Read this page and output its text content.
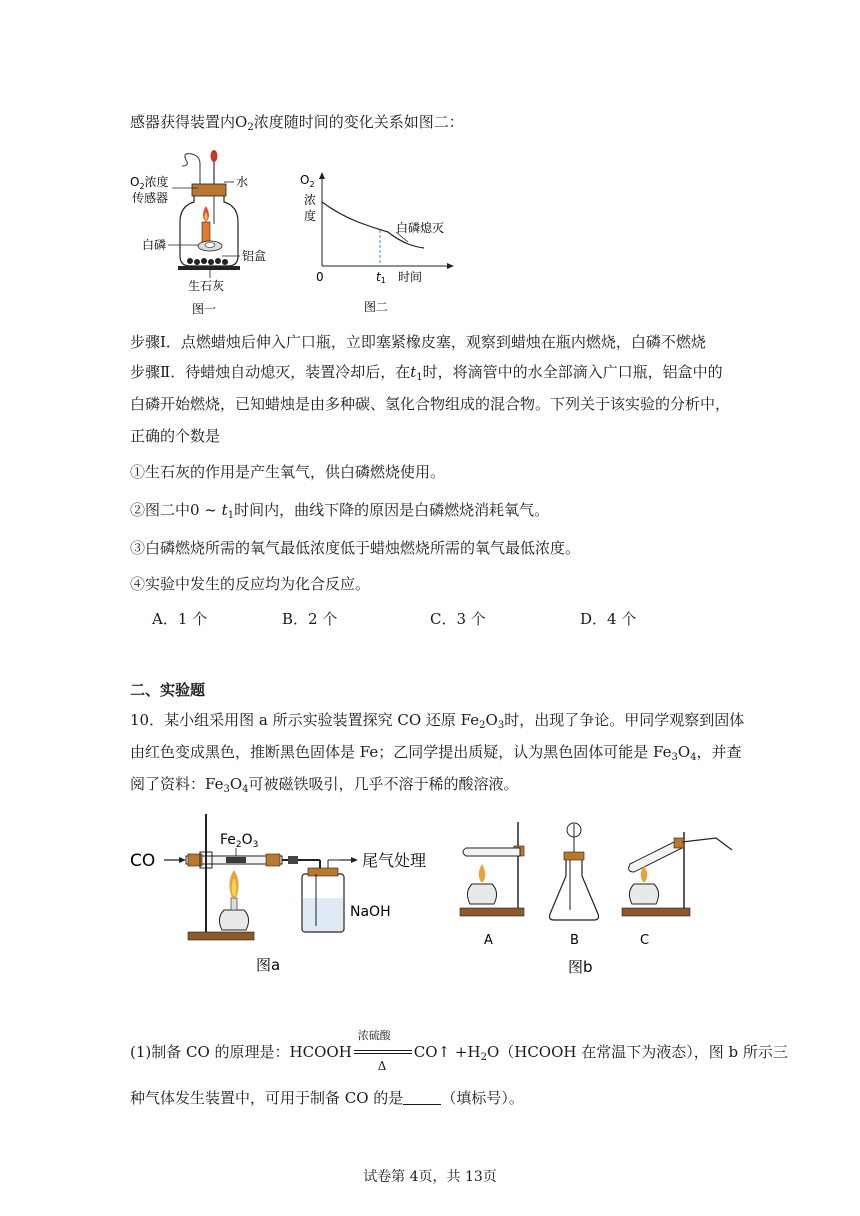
感器获得装置内$O_2$浓度随时间的变化关系如图二：
$O_2$浓度
传感器
水
白磷
铝盒
生石灰
图一
$O_2$
浓
度
0	t1 时间
白磷熄灭
图二
步骤Ⅰ．点燃蜡烛后伸入广口瓶，立即塞紧橡皮塞，观察到蜡烛在瓶内燃烧，白磷不燃烧
步骤Ⅱ．待蜡烛自动熄灭，装置冷却后，在$t_1$时，将滴管中的水全部滴入广口瓶，铝盒中的
白磷开始燃烧，已知蜡烛是由多种碳、氢化合物组成的混合物。下列关于该实验的分析中，
正确的个数是
①生石灰的作用是产生氧气，供白磷燃烧使用。
②图二中0 ~ $t_1$时间内，曲线下降的原因是白磷燃烧消耗氧气。
③白磷燃烧所需的氧气最低浓度低于蜡烛燃烧所需的氧气最低浓度。
④实验中发生的反应均为化合反应。
A．1 个	B．2 个	C．3 个	D．4 个
二、实验题
10．某小组采用图 a 所示实验装置探究 CO 还原 $Fe_2O_3$时，出现了争论。甲同学观察到固体
由红色变成黑色，推断黑色固体是 Fe；乙同学提出质疑，认为黑色固体可能是 $Fe_3O_4$，并查
阅了资料：$Fe_3O_4$可被磁铁吸引，几乎不溶于稀的酸溶液。
CO
$Fe_2O_3$
尾气处理
NaOH
图a
A	B	C
图b
(1)制备 CO 的原理是：HCOOH $\frac{\text{浓硫酸}}{\Delta}$ CO↑ $+H_2O(HCOOH$ 在常温下为液态），图 b 所示三
种气体发生装置中，可用于制备 CO 的是	（填标号）。
试卷第 4页，共 13页
